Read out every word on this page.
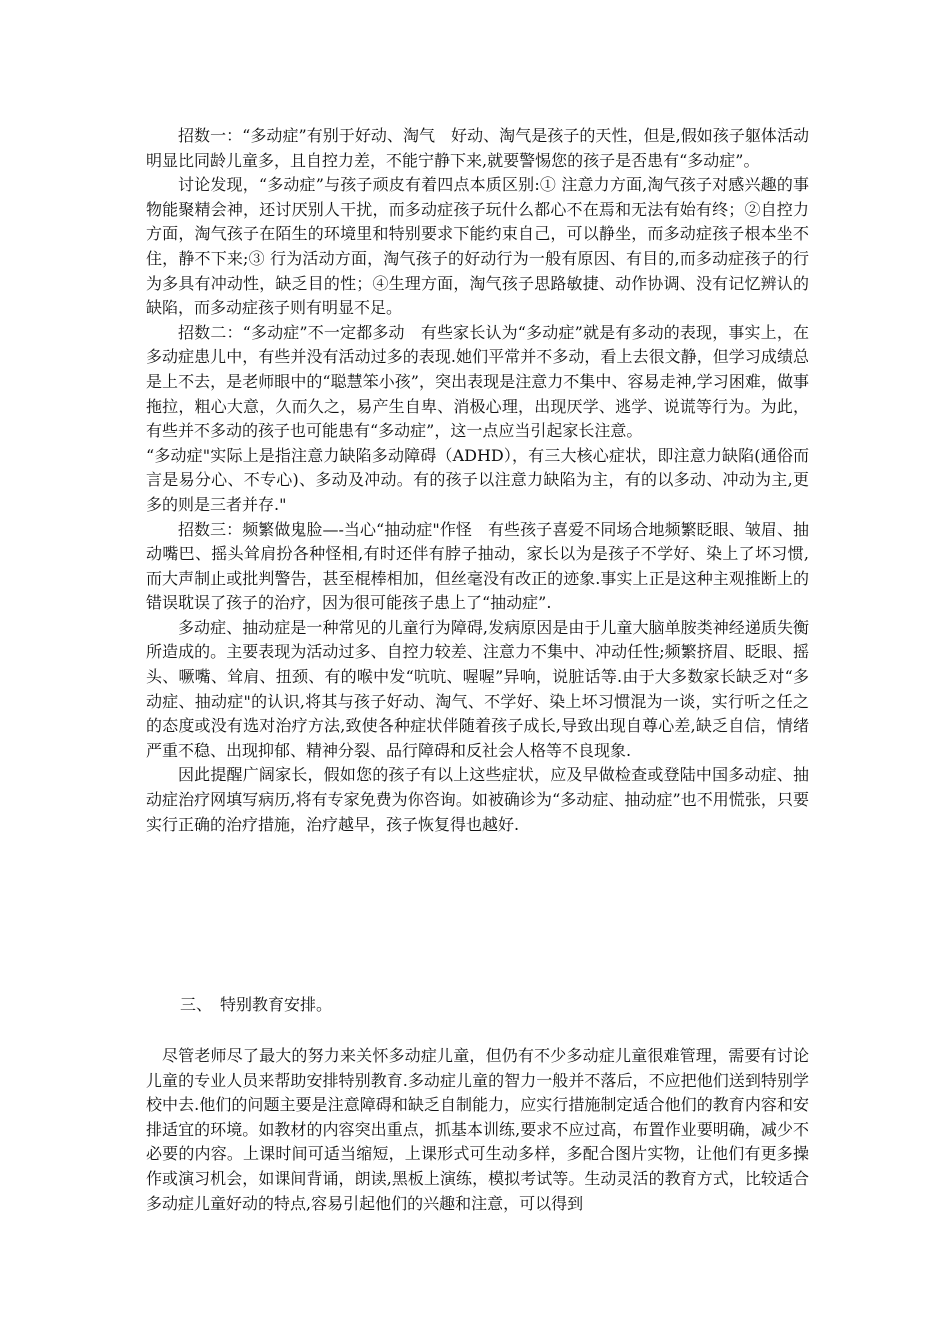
招数一：“多动症”有别于好动、淘气　好动、淘气是孩子的天性，但是,假如孩子躯体活动明显比同龄儿童多，且自控力差，不能宁静下来,就要警惕您的孩子是否患有“多动症”。

讨论发现，“多动症”与孩子顽皮有着四点本质区别:① 注意力方面,淘气孩子对感兴趣的事物能聚精会神，还讨厌别人干扰，而多动症孩子玩什么都心不在焉和无法有始有终；②自控力方面，淘气孩子在陌生的环境里和特别要求下能约束自己，可以静坐，而多动症孩子根本坐不住，静不下来;③ 行为活动方面，淘气孩子的好动行为一般有原因、有目的,而多动症孩子的行为多具有冲动性，缺乏目的性；④生理方面，淘气孩子思路敏捷、动作协调、没有记忆辨认的缺陷，而多动症孩子则有明显不足。

招数二：“多动症”不一定都多动　有些家长认为“多动症”就是有多动的表现，事实上，在多动症患儿中，有些并没有活动过多的表现.她们平常并不多动，看上去很文静，但学习成绩总是上不去，是老师眼中的“聪慧笨小孩”，突出表现是注意力不集中、容易走神,学习困难，做事拖拉，粗心大意，久而久之，易产生自卑、消极心理，出现厌学、逃学、说谎等行为。为此，有些并不多动的孩子也可能患有“多动症”，这一点应当引起家长注意。

“多动症"实际上是指注意力缺陷多动障碍（ADHD），有三大核心症状，即注意力缺陷(通俗而言是易分心、不专心)、多动及冲动。有的孩子以注意力缺陷为主，有的以多动、冲动为主,更多的则是三者并存."

招数三：频繁做鬼脸—-当心“抽动症"作怪　有些孩子喜爱不同场合地频繁眨眼、皱眉、抽动嘴巴、摇头耸肩扮各种怪相,有时还伴有脖子抽动，家长以为是孩子不学好、染上了坏习惯,而大声制止或批判警告，甚至棍棒相加，但丝毫没有改正的迹象.事实上正是这种主观推断上的错误耽误了孩子的治疗，因为很可能孩子患上了“抽动症”.

多动症、抽动症是一种常见的儿童行为障碍,发病原因是由于儿童大脑单胺类神经递质失衡所造成的。主要表现为活动过多、自控力较差、注意力不集中、冲动任性;频繁挤眉、眨眼、摇头、噘嘴、耸肩、扭颈、有的喉中发“吭吭、喔喔”异响，说脏话等.由于大多数家长缺乏对“多动症、抽动症"的认识,将其与孩子好动、淘气、不学好、染上坏习惯混为一谈，实行听之任之的态度或没有选对治疗方法,致使各种症状伴随着孩子成长,导致出现自尊心差,缺乏自信，情绪严重不稳、出现抑郁、精神分裂、品行障碍和反社会人格等不良现象.

因此提醒广阔家长，假如您的孩子有以上这些症状，应及早做检查或登陆中国多动症、抽动症治疗网填写病历,将有专家免费为你咨询。如被确诊为“多动症、抽动症”也不用慌张，只要实行正确的治疗措施，治疗越早，孩子恢复得也越好.

三、　特别教育安排。

尽管老师尽了最大的努力来关怀多动症儿童，但仍有不少多动症儿童很难管理，需要有讨论儿童的专业人员来帮助安排特别教育.多动症儿童的智力一般并不落后，不应把他们送到特别学校中去.他们的问题主要是注意障碍和缺乏自制能力，应实行措施制定适合他们的教育内容和安排适宜的环境。如教材的内容突出重点，抓基本训练,要求不应过高，布置作业要明确，减少不必要的内容。上课时间可适当缩短，上课形式可生动多样，多配合图片实物，让他们有更多操作或演习机会，如课间背诵，朗读,黑板上演练，模拟考试等。生动灵活的教育方式，比较适合多动症儿童好动的特点,容易引起他们的兴趣和注意，可以得到
